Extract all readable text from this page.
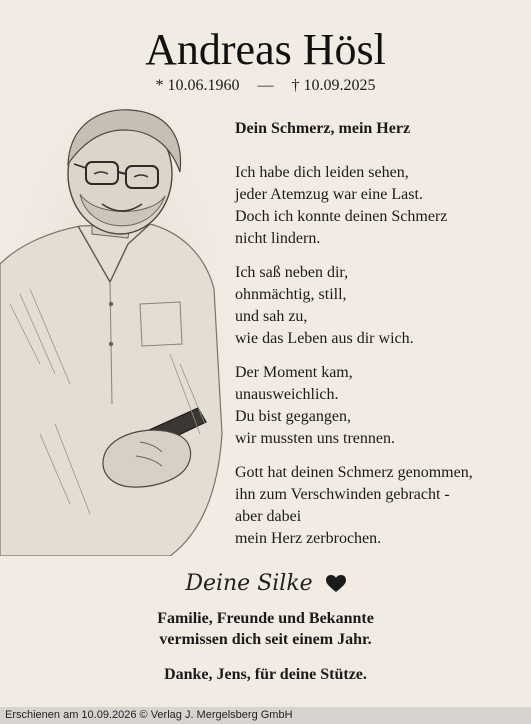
Andreas Hösl
* 10.06.1960 — † 10.09.2025
Dein Schmerz, mein Herz
Ich habe dich leiden sehen,
jeder Atemzug war eine Last.
Doch ich konnte deinen Schmerz
nicht lindern.
Ich saß neben dir,
ohnmächtig, still,
und sah zu,
wie das Leben aus dir wich.
Der Moment kam,
unausweichlich.
Du bist gegangen,
wir mussten uns trennen.
Gott hat deinen Schmerz genommen,
ihn zum Verschwinden gebracht -
aber dabei
mein Herz zerbrochen.
Deine Silke
Familie, Freunde und Bekannte
vermissen dich seit einem Jahr.
Danke, Jens, für deine Stütze.
Erschienen am 10.09.2026 © Verlag J. Mergelsberg GmbH
